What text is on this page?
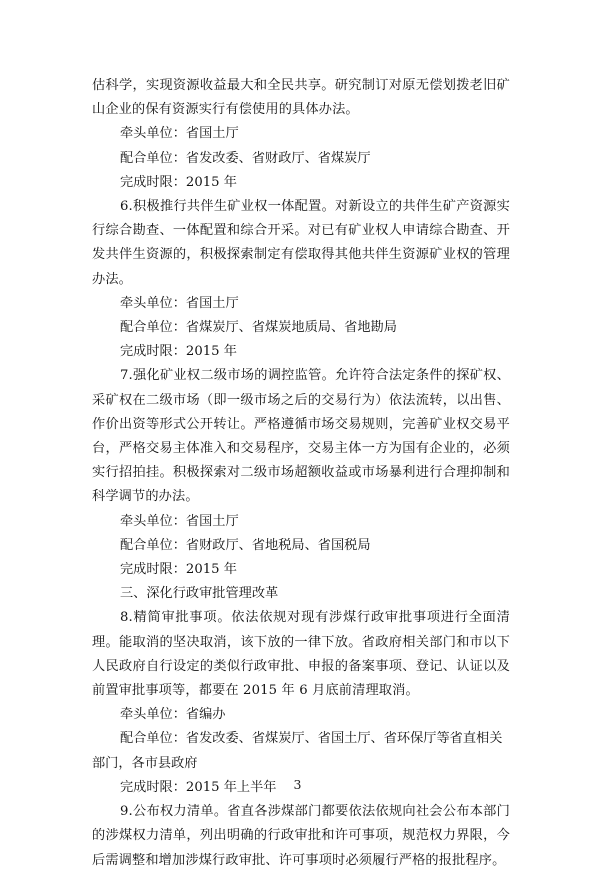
估科学，实现资源收益最大和全民共享。研究制订对原无偿划拨老旧矿山企业的保有资源实行有偿使用的具体办法。

牵头单位：省国土厅

配合单位：省发改委、省财政厅、省煤炭厅

完成时限：2015 年

6.积极推行共伴生矿业权一体配置。对新设立的共伴生矿产资源实行综合勘查、一体配置和综合开采。对已有矿业权人申请综合勘查、开发共伴生资源的，积极探索制定有偿取得其他共伴生资源矿业权的管理办法。

牵头单位：省国土厅

配合单位：省煤炭厅、省煤炭地质局、省地勘局

完成时限：2015 年

7.强化矿业权二级市场的调控监管。允许符合法定条件的探矿权、采矿权在二级市场（即一级市场之后的交易行为）依法流转，以出售、作价出资等形式公开转让。严格遵循市场交易规则，完善矿业权交易平台，严格交易主体准入和交易程序，交易主体一方为国有企业的，必须实行招拍挂。积极探索对二级市场超额收益或市场暴利进行合理抑制和科学调节的办法。

牵头单位：省国土厅

配合单位：省财政厅、省地税局、省国税局

完成时限：2015 年

三、深化行政审批管理改革

8.精简审批事项。依法依规对现有涉煤行政审批事项进行全面清理。能取消的坚决取消，该下放的一律下放。省政府相关部门和市以下人民政府自行设定的类似行政审批、申报的备案事项、登记、认证以及前置审批事项等，都要在 2015 年 6 月底前清理取消。

牵头单位：省编办

配合单位：省发改委、省煤炭厅、省国土厅、省环保厅等省直相关部门，各市县政府

完成时限：2015 年上半年

9.公布权力清单。省直各涉煤部门都要依法依规向社会公布本部门的涉煤权力清单，列出明确的行政审批和许可事项，规范权力界限，今后需调整和增加涉煤行政审批、许可事项时必须履行严格的报批程序。

3
